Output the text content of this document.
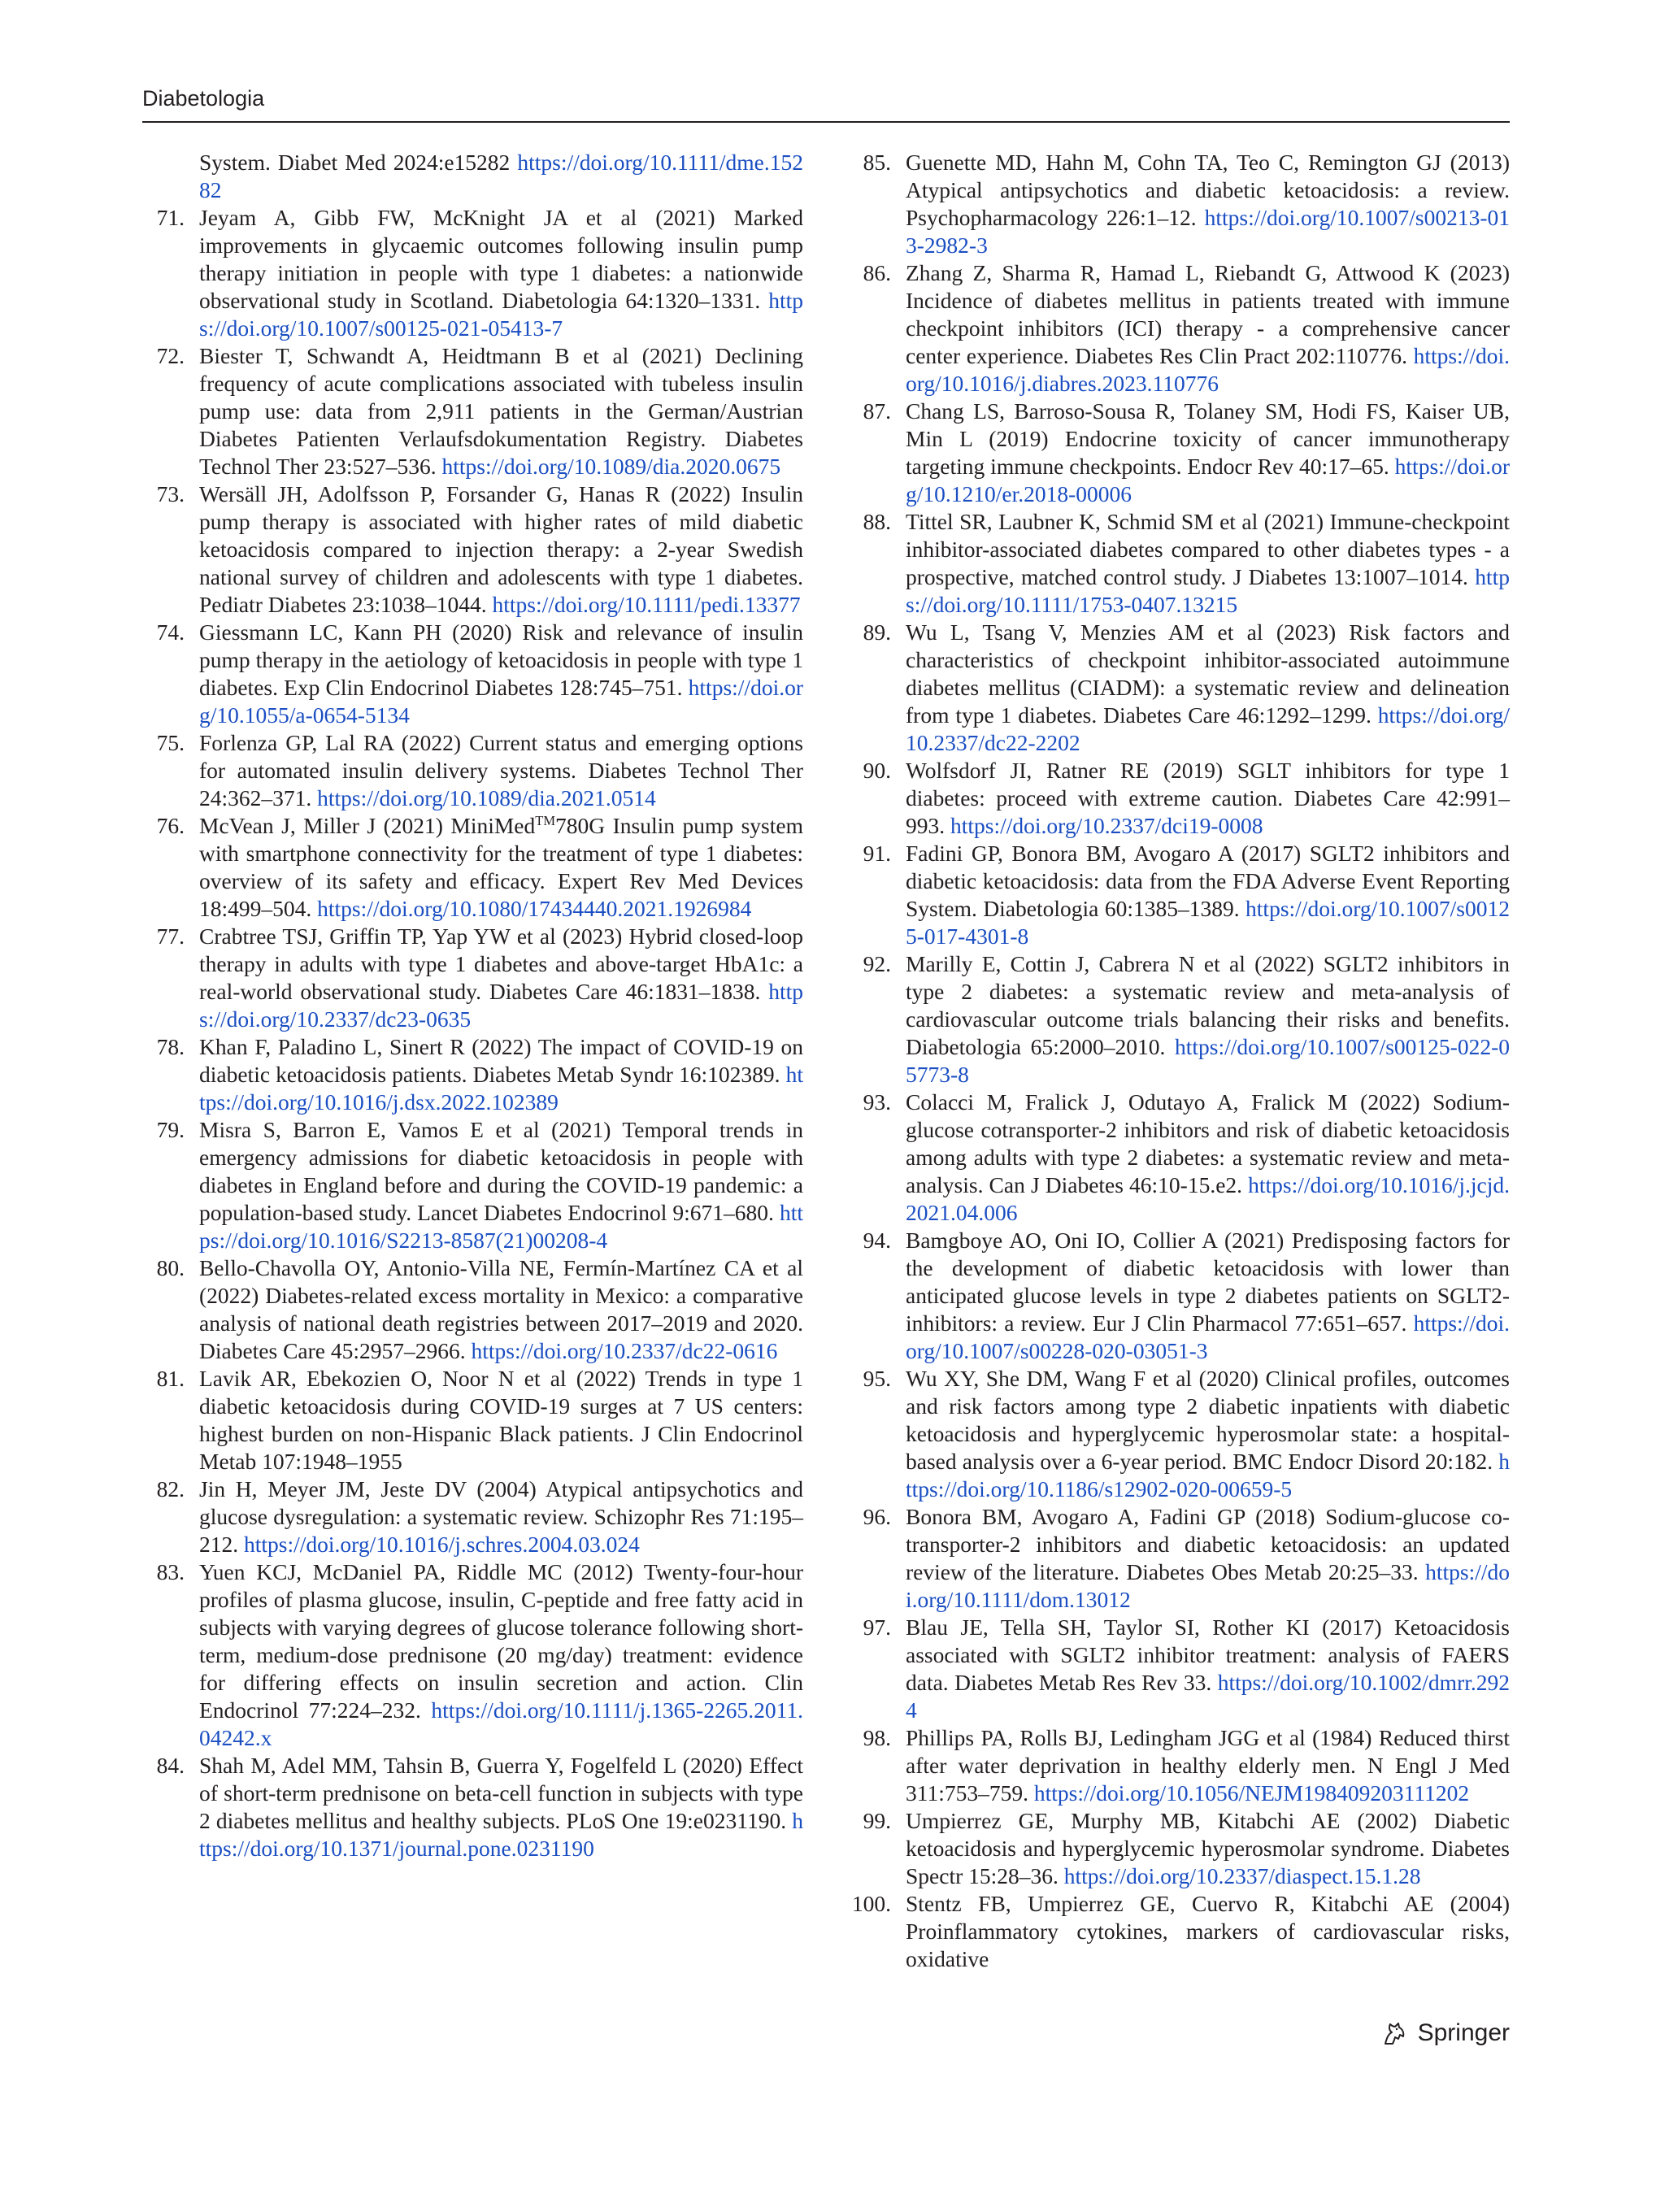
Diabetologia
System. Diabet Med 2024:e15282 https://doi.org/10.1111/dme.15282
71. Jeyam A, Gibb FW, McKnight JA et al (2021) Marked improvements in glycaemic outcomes following insulin pump therapy initiation in people with type 1 diabetes: a nationwide observational study in Scotland. Diabetologia 64:1320–1331. https://doi.org/10.1007/s00125-021-05413-7
72. Biester T, Schwandt A, Heidtmann B et al (2021) Declining frequency of acute complications associated with tubeless insulin pump use: data from 2,911 patients in the German/Austrian Diabetes Patienten Verlaufsdokumentation Registry. Diabetes Technol Ther 23:527–536. https://doi.org/10.1089/dia.2020.0675
73. Wersäll JH, Adolfsson P, Forsander G, Hanas R (2022) Insulin pump therapy is associated with higher rates of mild diabetic ketoacidosis compared to injection therapy: a 2-year Swedish national survey of children and adolescents with type 1 diabetes. Pediatr Diabetes 23:1038–1044. https://doi.org/10.1111/pedi.13377
74. Giessmann LC, Kann PH (2020) Risk and relevance of insulin pump therapy in the aetiology of ketoacidosis in people with type 1 diabetes. Exp Clin Endocrinol Diabetes 128:745–751. https://doi.org/10.1055/a-0654-5134
75. Forlenza GP, Lal RA (2022) Current status and emerging options for automated insulin delivery systems. Diabetes Technol Ther 24:362–371. https://doi.org/10.1089/dia.2021.0514
76. McVean J, Miller J (2021) MiniMed™780G Insulin pump system with smartphone connectivity for the treatment of type 1 diabetes: overview of its safety and efficacy. Expert Rev Med Devices 18:499–504. https://doi.org/10.1080/17434440.2021.1926984
77. Crabtree TSJ, Griffin TP, Yap YW et al (2023) Hybrid closed-loop therapy in adults with type 1 diabetes and above-target HbA1c: a real-world observational study. Diabetes Care 46:1831–1838. https://doi.org/10.2337/dc23-0635
78. Khan F, Paladino L, Sinert R (2022) The impact of COVID-19 on diabetic ketoacidosis patients. Diabetes Metab Syndr 16:102389. https://doi.org/10.1016/j.dsx.2022.102389
79. Misra S, Barron E, Vamos E et al (2021) Temporal trends in emergency admissions for diabetic ketoacidosis in people with diabetes in England before and during the COVID-19 pandemic: a population-based study. Lancet Diabetes Endocrinol 9:671–680. https://doi.org/10.1016/S2213-8587(21)00208-4
80. Bello-Chavolla OY, Antonio-Villa NE, Fermín-Martínez CA et al (2022) Diabetes-related excess mortality in Mexico: a comparative analysis of national death registries between 2017–2019 and 2020. Diabetes Care 45:2957–2966. https://doi.org/10.2337/dc22-0616
81. Lavik AR, Ebekozien O, Noor N et al (2022) Trends in type 1 diabetic ketoacidosis during COVID-19 surges at 7 US centers: highest burden on non-Hispanic Black patients. J Clin Endocrinol Metab 107:1948–1955
82. Jin H, Meyer JM, Jeste DV (2004) Atypical antipsychotics and glucose dysregulation: a systematic review. Schizophr Res 71:195–212. https://doi.org/10.1016/j.schres.2004.03.024
83. Yuen KCJ, McDaniel PA, Riddle MC (2012) Twenty-four-hour profiles of plasma glucose, insulin, C-peptide and free fatty acid in subjects with varying degrees of glucose tolerance following short-term, medium-dose prednisone (20 mg/day) treatment: evidence for differing effects on insulin secretion and action. Clin Endocrinol 77:224–232. https://doi.org/10.1111/j.1365-2265.2011.04242.x
84. Shah M, Adel MM, Tahsin B, Guerra Y, Fogelfeld L (2020) Effect of short-term prednisone on beta-cell function in subjects with type 2 diabetes mellitus and healthy subjects. PLoS One 19:e0231190. https://doi.org/10.1371/journal.pone.0231190
85. Guenette MD, Hahn M, Cohn TA, Teo C, Remington GJ (2013) Atypical antipsychotics and diabetic ketoacidosis: a review. Psychopharmacology 226:1–12. https://doi.org/10.1007/s00213-013-2982-3
86. Zhang Z, Sharma R, Hamad L, Riebandt G, Attwood K (2023) Incidence of diabetes mellitus in patients treated with immune checkpoint inhibitors (ICI) therapy - a comprehensive cancer center experience. Diabetes Res Clin Pract 202:110776. https://doi.org/10.1016/j.diabres.2023.110776
87. Chang LS, Barroso-Sousa R, Tolaney SM, Hodi FS, Kaiser UB, Min L (2019) Endocrine toxicity of cancer immunotherapy targeting immune checkpoints. Endocr Rev 40:17–65. https://doi.org/10.1210/er.2018-00006
88. Tittel SR, Laubner K, Schmid SM et al (2021) Immune-checkpoint inhibitor-associated diabetes compared to other diabetes types - a prospective, matched control study. J Diabetes 13:1007–1014. https://doi.org/10.1111/1753-0407.13215
89. Wu L, Tsang V, Menzies AM et al (2023) Risk factors and characteristics of checkpoint inhibitor-associated autoimmune diabetes mellitus (CIADM): a systematic review and delineation from type 1 diabetes. Diabetes Care 46:1292–1299. https://doi.org/10.2337/dc22-2202
90. Wolfsdorf JI, Ratner RE (2019) SGLT inhibitors for type 1 diabetes: proceed with extreme caution. Diabetes Care 42:991–993. https://doi.org/10.2337/dci19-0008
91. Fadini GP, Bonora BM, Avogaro A (2017) SGLT2 inhibitors and diabetic ketoacidosis: data from the FDA Adverse Event Reporting System. Diabetologia 60:1385–1389. https://doi.org/10.1007/s00125-017-4301-8
92. Marilly E, Cottin J, Cabrera N et al (2022) SGLT2 inhibitors in type 2 diabetes: a systematic review and meta-analysis of cardiovascular outcome trials balancing their risks and benefits. Diabetologia 65:2000–2010. https://doi.org/10.1007/s00125-022-05773-8
93. Colacci M, Fralick J, Odutayo A, Fralick M (2022) Sodium-glucose cotransporter-2 inhibitors and risk of diabetic ketoacidosis among adults with type 2 diabetes: a systematic review and meta-analysis. Can J Diabetes 46:10-15.e2. https://doi.org/10.1016/j.jcjd.2021.04.006
94. Bamgboye AO, Oni IO, Collier A (2021) Predisposing factors for the development of diabetic ketoacidosis with lower than anticipated glucose levels in type 2 diabetes patients on SGLT2-inhibitors: a review. Eur J Clin Pharmacol 77:651–657. https://doi.org/10.1007/s00228-020-03051-3
95. Wu XY, She DM, Wang F et al (2020) Clinical profiles, outcomes and risk factors among type 2 diabetic inpatients with diabetic ketoacidosis and hyperglycemic hyperosmolar state: a hospital-based analysis over a 6-year period. BMC Endocr Disord 20:182. https://doi.org/10.1186/s12902-020-00659-5
96. Bonora BM, Avogaro A, Fadini GP (2018) Sodium-glucose co-transporter-2 inhibitors and diabetic ketoacidosis: an updated review of the literature. Diabetes Obes Metab 20:25–33. https://doi.org/10.1111/dom.13012
97. Blau JE, Tella SH, Taylor SI, Rother KI (2017) Ketoacidosis associated with SGLT2 inhibitor treatment: analysis of FAERS data. Diabetes Metab Res Rev 33. https://doi.org/10.1002/dmrr.2924
98. Phillips PA, Rolls BJ, Ledingham JGG et al (1984) Reduced thirst after water deprivation in healthy elderly men. N Engl J Med 311:753–759. https://doi.org/10.1056/NEJM198409203111202
99. Umpierrez GE, Murphy MB, Kitabchi AE (2002) Diabetic ketoacidosis and hyperglycemic hyperosmolar syndrome. Diabetes Spectr 15:28–36. https://doi.org/10.2337/diaspect.15.1.28
100. Stentz FB, Umpierrez GE, Cuervo R, Kitabchi AE (2004) Proinflammatory cytokines, markers of cardiovascular risks, oxidative
Springer
